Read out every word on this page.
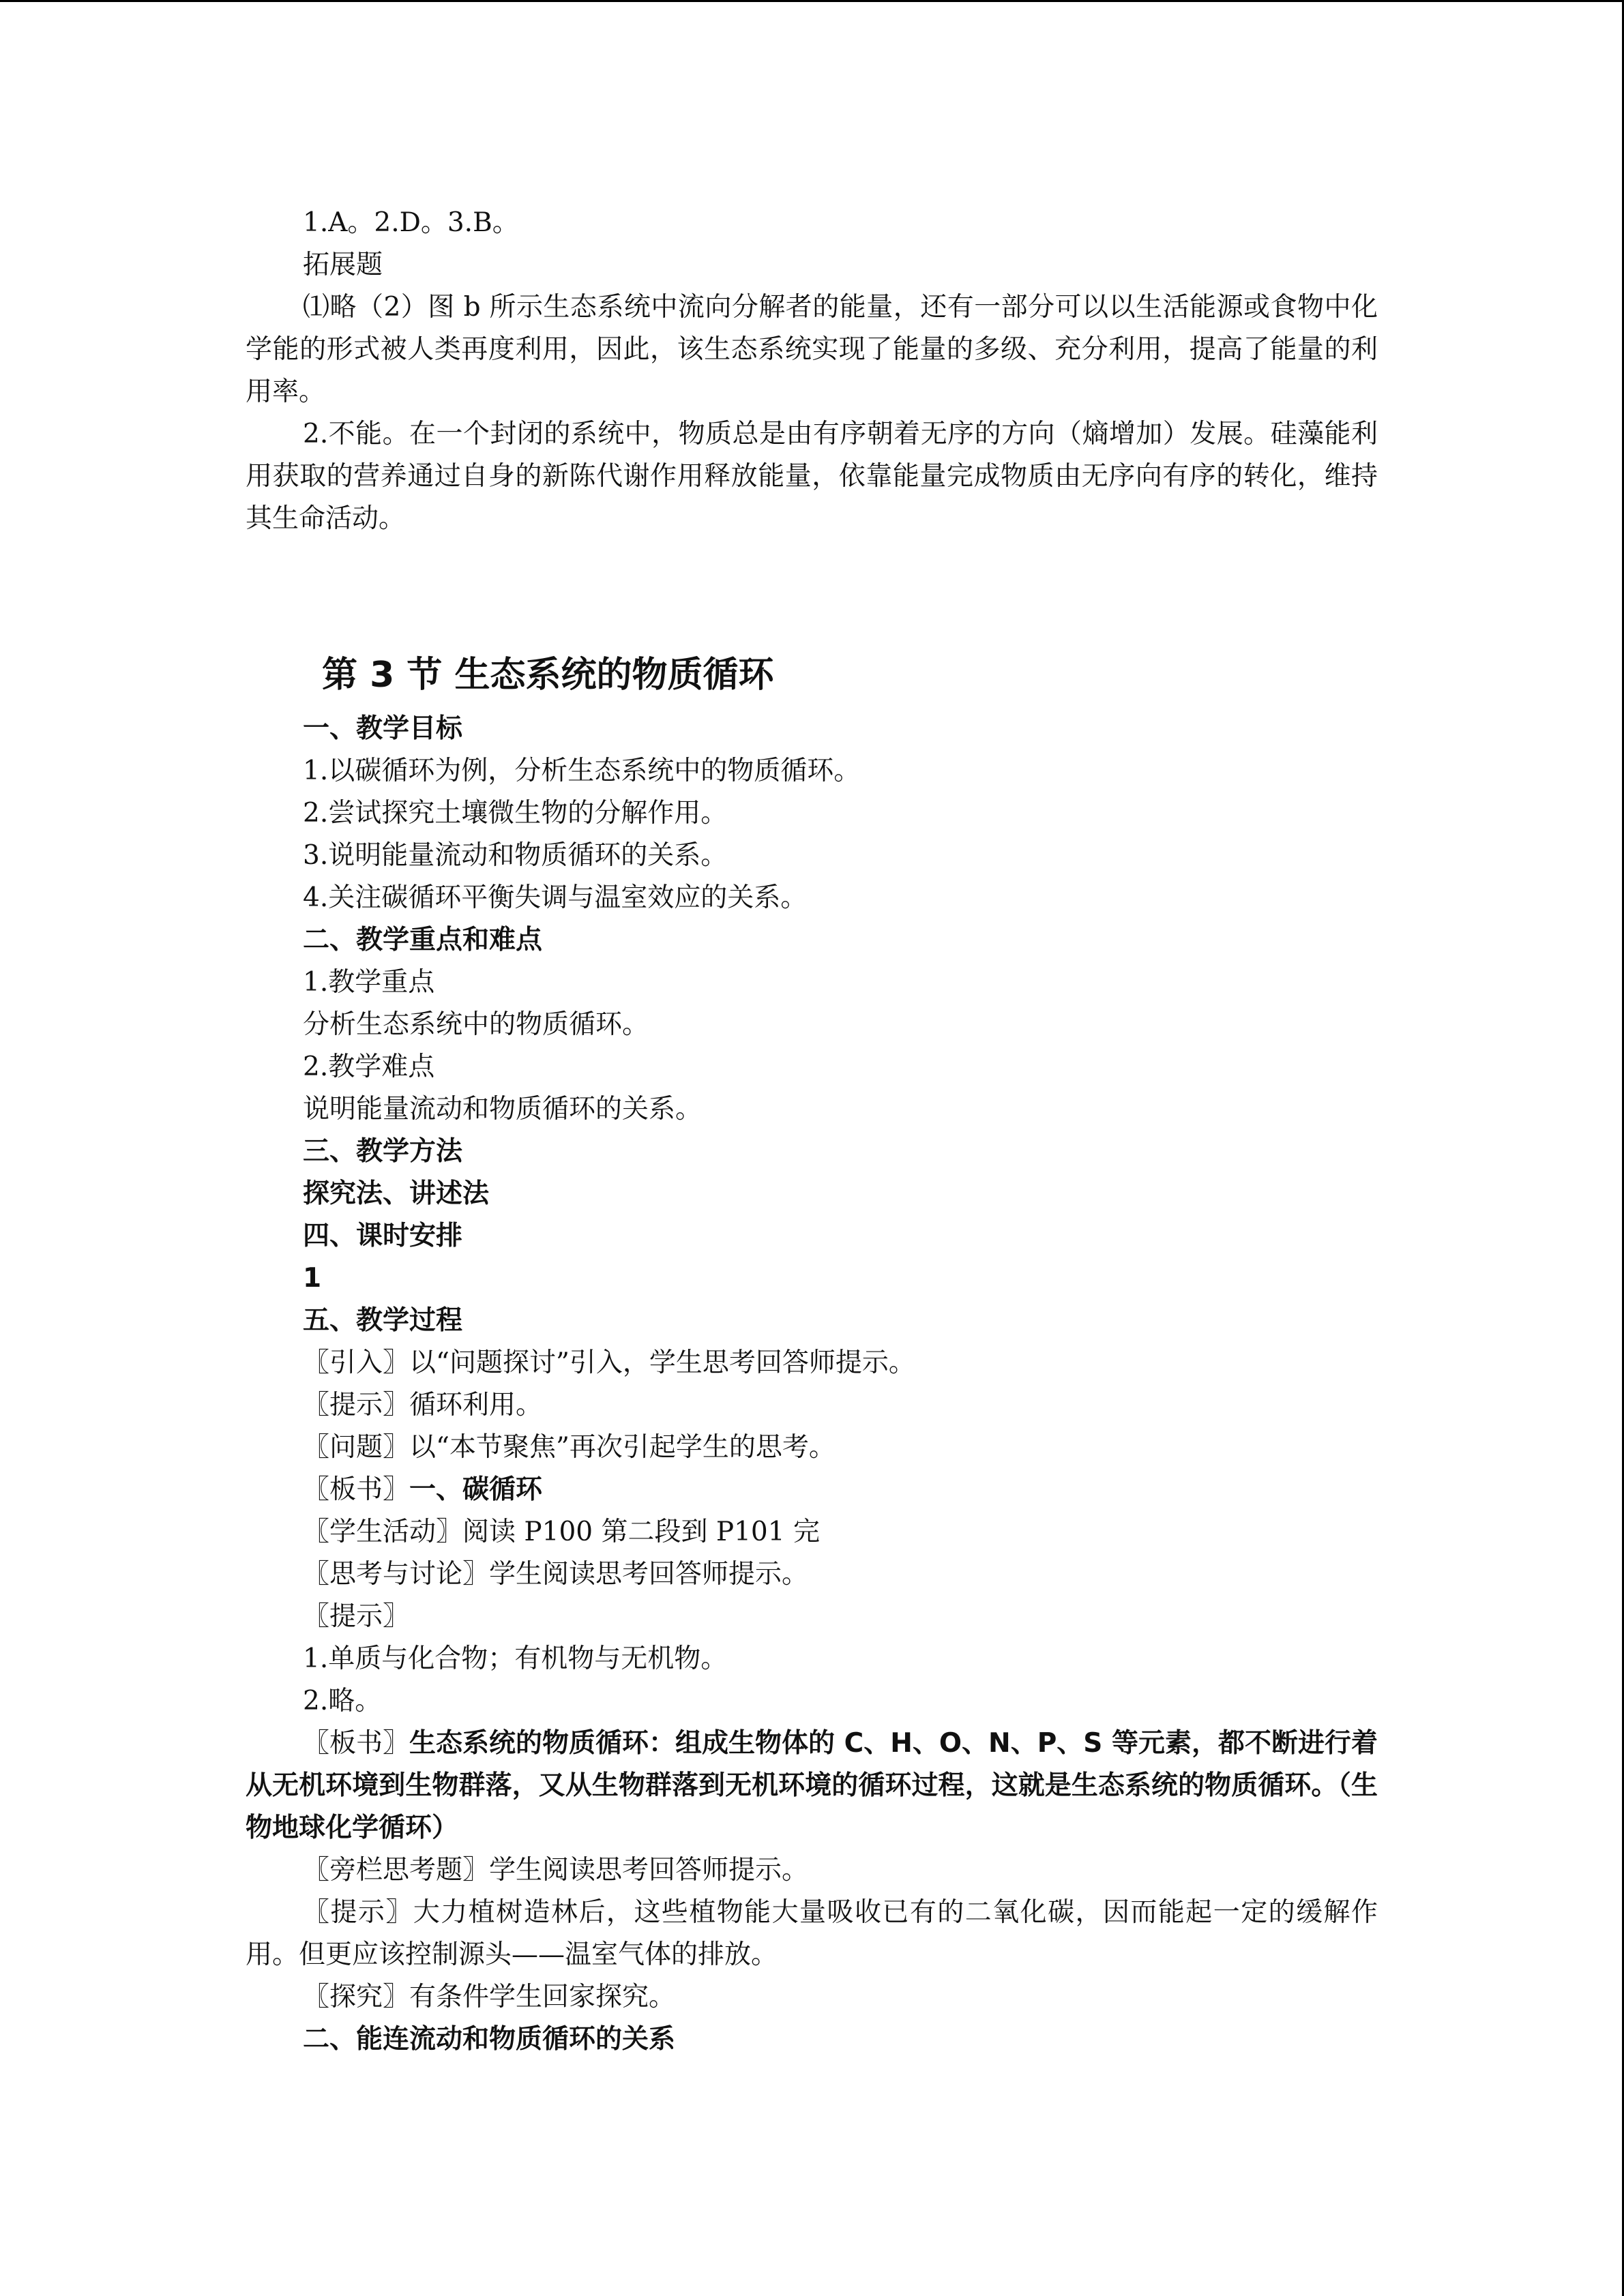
1.A。2.D。3.B。

拓展题

⑴略（2）图 b 所示生态系统中流向分解者的能量，还有一部分可以以生活能源或食物中化学能的形式被人类再度利用，因此，该生态系统实现了能量的多级、充分利用，提高了能量的利用率。

2.不能。在一个封闭的系统中，物质总是由有序朝着无序的方向（熵增加）发展。硅藻能利用获取的营养通过自身的新陈代谢作用释放能量，依靠能量完成物质由无序向有序的转化，维持其生命活动。

第 3 节 生态系统的物质循环

一、教学目标

1.以碳循环为例，分析生态系统中的物质循环。

2.尝试探究土壤微生物的分解作用。

3.说明能量流动和物质循环的关系。

4.关注碳循环平衡失调与温室效应的关系。

二、教学重点和难点

1.教学重点

分析生态系统中的物质循环。

2.教学难点

说明能量流动和物质循环的关系。

三、教学方法

探究法、讲述法

四、课时安排

1

五、教学过程

〖引入〗以“问题探讨”引入，学生思考回答师提示。

〖提示〗循环利用。

〖问题〗以“本节聚焦”再次引起学生的思考。

〖板书〗一、碳循环

〖学生活动〗阅读 P100 第二段到 P101 完

〖思考与讨论〗学生阅读思考回答师提示。

〖提示〗

1.单质与化合物；有机物与无机物。

2.略。

〖板书〗生态系统的物质循环：组成生物体的 C、H、O、N、P、S 等元素，都不断进行着从无机环境到生物群落，又从生物群落到无机环境的循环过程，这就是生态系统的物质循环。（生物地球化学循环）

〖旁栏思考题〗学生阅读思考回答师提示。

〖提示〗大力植树造林后，这些植物能大量吸收已有的二氧化碳，因而能起一定的缓解作用。但更应该控制源头——温室气体的排放。

〖探究〗有条件学生回家探究。

二、能连流动和物质循环的关系
